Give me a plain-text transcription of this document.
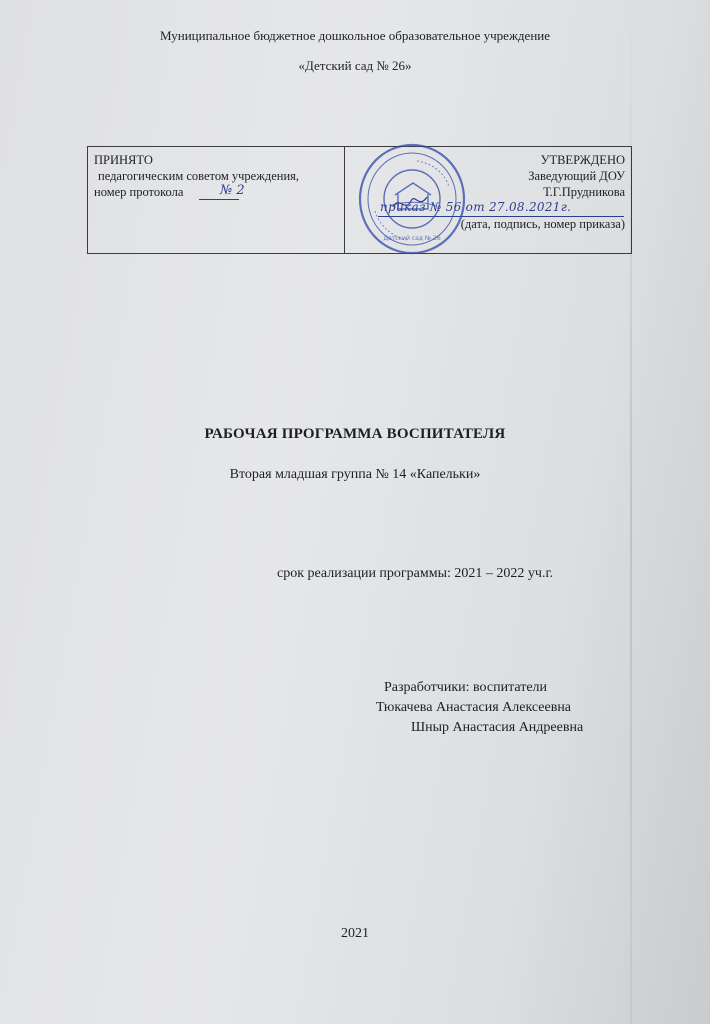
Муниципальное бюджетное дошкольное образовательное учреждение
«Детский сад № 26»
ПРИНЯТО
педагогическим советом учреждения,
номер протокола	№ 2
УТВЕРЖДЕНО
Заведующий ДОУ
Т.Г.Прудникова
приказ № 56 от 27.08.2021г.
(дата, подпись, номер приказа)
Детский сад № 26
РАБОЧАЯ ПРОГРАММА ВОСПИТАТЕЛЯ
Вторая младшая группа № 14 «Капельки»
срок реализации программы: 2021 – 2022 уч.г.
Разработчики: воспитатели
Тюкачева Анастасия Алексеевна
Шныр Анастасия Андреевна
2021
